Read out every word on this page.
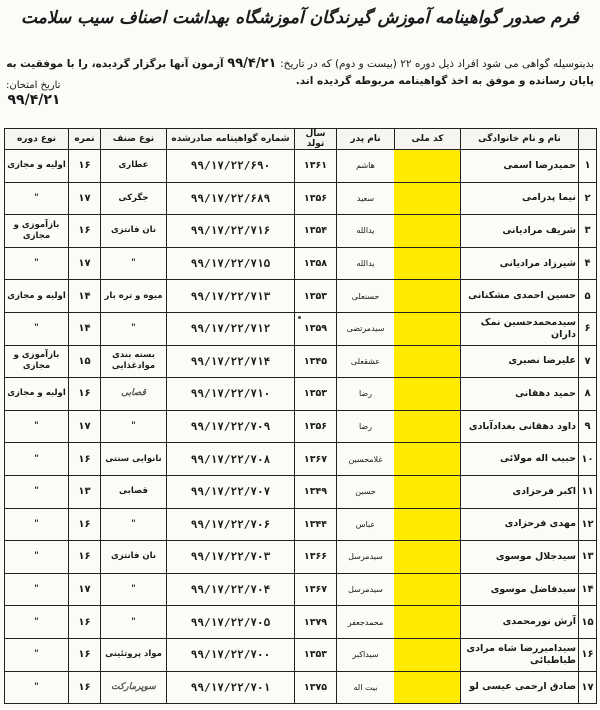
فرم صدور گواهینامه آموزش گیرندگان آموزشگاه بهداشت اصناف سیب سلامت
بدینوسیله گواهی می شود افراد ذیل دوره ۲۲ (بیست و دوم) که در تاریخ: ۹۹/۴/۲۱ آزمون آنها برگزار گردیده، را با موفقیت به پایان رسانده و موفق به اخذ گواهینامه مربوطه گردیده اند.
تاریخ امتحان:
۹۹/۴/۲۱
	نام و نام خانوادگی	کد ملی	نام پدر	سال تولد	شماره گواهینامه صادرشده	نوع صنف	نمره	نوع دوره
۱	حمیدرضا اسمی		هاشم	۱۳۶۱	۹۹/۱۷/۲۲/۶۹۰	عطاری	۱۶	اولیه و مجازی
۲	نیما پدرامی		سعید	۱۳۵۶	۹۹/۱۷/۲۲/۶۸۹	جگرکی	۱۷	"
۳	شریف مرادیانی		یدالله	۱۳۵۴	۹۹/۱۷/۲۲/۷۱۶	نان فانتزی	۱۶	بازآموزی و مجازی
۴	شیرزاد مرادیانی		یدالله	۱۳۵۸	۹۹/۱۷/۲۲/۷۱۵	"	۱۷	"
۵	حسین احمدی مشکنانی		حسنعلی	۱۳۵۳	۹۹/۱۷/۲۲/۷۱۳	میوه و تره بار	۱۴	اولیه و مجازی
۶	سیدمحمدحسین نمک داران		سیدمرتضی	۱۳۵۹	۹۹/۱۷/۲۲/۷۱۲	"	۱۴	"
۷	علیرضا نصیری		عشقعلی	۱۳۴۵	۹۹/۱۷/۲۲/۷۱۴	بسته بندی موادغذایی	۱۵	بازآموزی و مجازی
۸	حمید دهقانی		رضا	۱۳۵۳	۹۹/۱۷/۲۲/۷۱۰	قصابی	۱۶	اولیه و مجازی
۹	داود دهقانی بغدادآبادی		رضا	۱۳۵۶	۹۹/۱۷/۲۲/۷۰۹	"	۱۷	"
۱۰	حبیب اله مولائی		غلامحسین	۱۳۶۷	۹۹/۱۷/۲۲/۷۰۸	نانوایی سنتی	۱۶	"
۱۱	اکبر فرحزادی		حسین	۱۳۴۹	۹۹/۱۷/۲۲/۷۰۷	قصابی	۱۳	"
۱۲	مهدی فرحزادی		عباس	۱۳۴۴	۹۹/۱۷/۲۲/۷۰۶	"	۱۶	"
۱۳	سیدجلال موسوی		سیدمرسل	۱۳۶۶	۹۹/۱۷/۲۲/۷۰۳	نان فانتزی	۱۶	"
۱۴	سیدفاضل موسوی		سیدمرسل	۱۳۶۷	۹۹/۱۷/۲۲/۷۰۴	"	۱۷	"
۱۵	آرش نورمحمدی		محمدجعفر	۱۳۷۹	۹۹/۱۷/۲۲/۷۰۵	"	۱۶	"
۱۶	سیدامیررضا شاه مرادی طباطبائی		سیداکبر	۱۳۵۳	۹۹/۱۷/۲۲/۷۰۰	مواد پروتئینی	۱۶	"
۱۷	صادق ارحمی عیسی لو		بیت اله	۱۳۷۵	۹۹/۱۷/۲۲/۷۰۱	سوپرمارکت	۱۶	"
